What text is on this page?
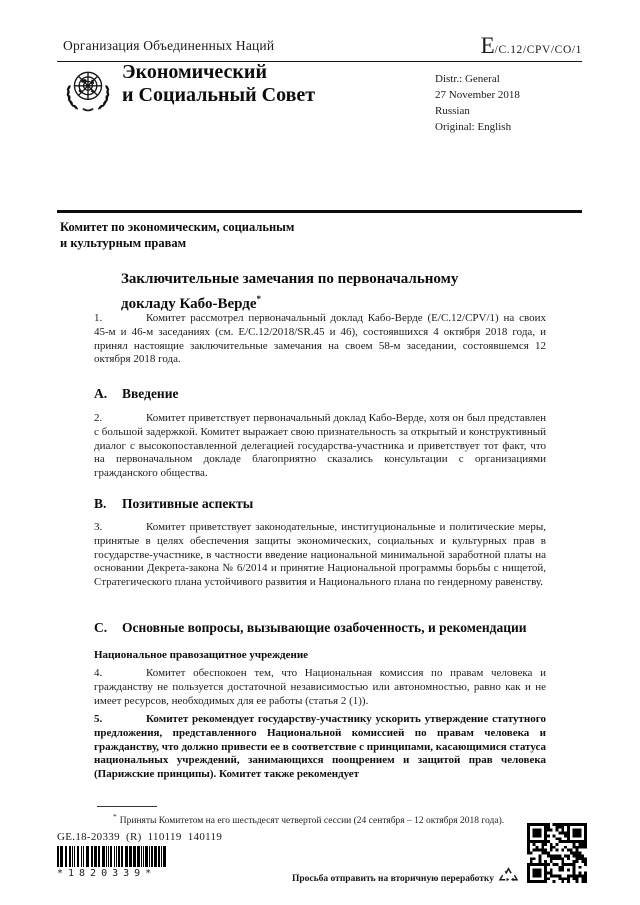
Организация Объединенных Наций	E/C.12/CPV/CO/1
Экономический
и Социальный Совет
Distr.: General
27 November 2018
Russian
Original: English
Комитет по экономическим, социальным
и культурным правам
Заключительные замечания по первоначальному докладу Кабо-Верде*
1.	Комитет рассмотрел первоначальный доклад Кабо-Верде (E/C.12/CPV/1) на своих 45-м и 46-м заседаниях (см. E/C.12/2018/SR.45 и 46), состоявшихся 4 октября 2018 года, и принял настоящие заключительные замечания на своем 58-м заседании, состоявшемся 12 октября 2018 года.
A. Введение
2.	Комитет приветствует первоначальный доклад Кабо-Верде, хотя он был представлен с большой задержкой. Комитет выражает свою признательность за открытый и конструктивный диалог с высокопоставленной делегацией государства-участника и приветствует тот факт, что на первоначальном докладе благоприятно сказались консультации с организациями гражданского общества.
B. Позитивные аспекты
3.	Комитет приветствует законодательные, институциональные и политические меры, принятые в целях обеспечения защиты экономических, социальных и культурных прав в государстве-участнике, в частности введение национальной минимальной заработной платы на основании Декрета-закона № 6/2014 и принятие Национальной программы борьбы с нищетой, Стратегического плана устойчивого развития и Национального плана по гендерному равенству.
C. Основные вопросы, вызывающие озабоченность, и рекомендации
Национальное правозащитное учреждение
4.	Комитет обеспокоен тем, что Национальная комиссия по правам человека и гражданству не пользуется достаточной независимостью или автономностью, равно как и не имеет ресурсов, необходимых для ее работы (статья 2 (1)).
5.	Комитет рекомендует государству-участнику ускорить утверждение статутного предложения, представленного Национальной комиссией по правам человека и гражданству, что должно привести ее в соответствие с принципами, касающимися статуса национальных учреждений, занимающихся поощрением и защитой прав человека (Парижские принципы). Комитет также рекомендует
* Приняты Комитетом на его шестьдесят четвертой сессии (24 сентября – 12 октября 2018 года).
GE.18-20339  (R)  110119  140119
*1820339*	Просьба отправить на вторичную переработку
